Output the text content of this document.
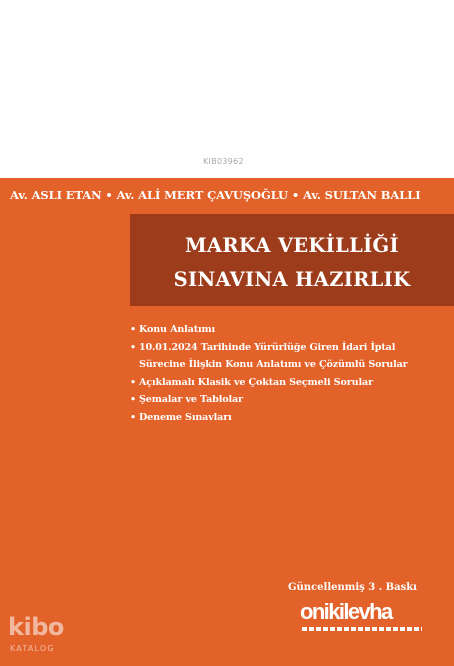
KIB03962
Av. ASLI ETAN • Av. ALİ MERT ÇAVUŞOĞLU • Av. SULTAN BALLI
MARKA VEKİLLİĞİ
SINAVINA HAZIRLIK
• Konu Anlatımı
• 10.01.2024 Tarihinde Yürürlüğe Giren İdari İptal
Sürecine İlişkin Konu Anlatımı ve Çözümlü Sorular
• Açıklamalı Klasik ve Çoktan Seçmeli Sorular
• Şemalar ve Tablolar
• Deneme Sınavları
Güncellenmiş 3 . Baskı
onikilevha
kibo
KATALOG
